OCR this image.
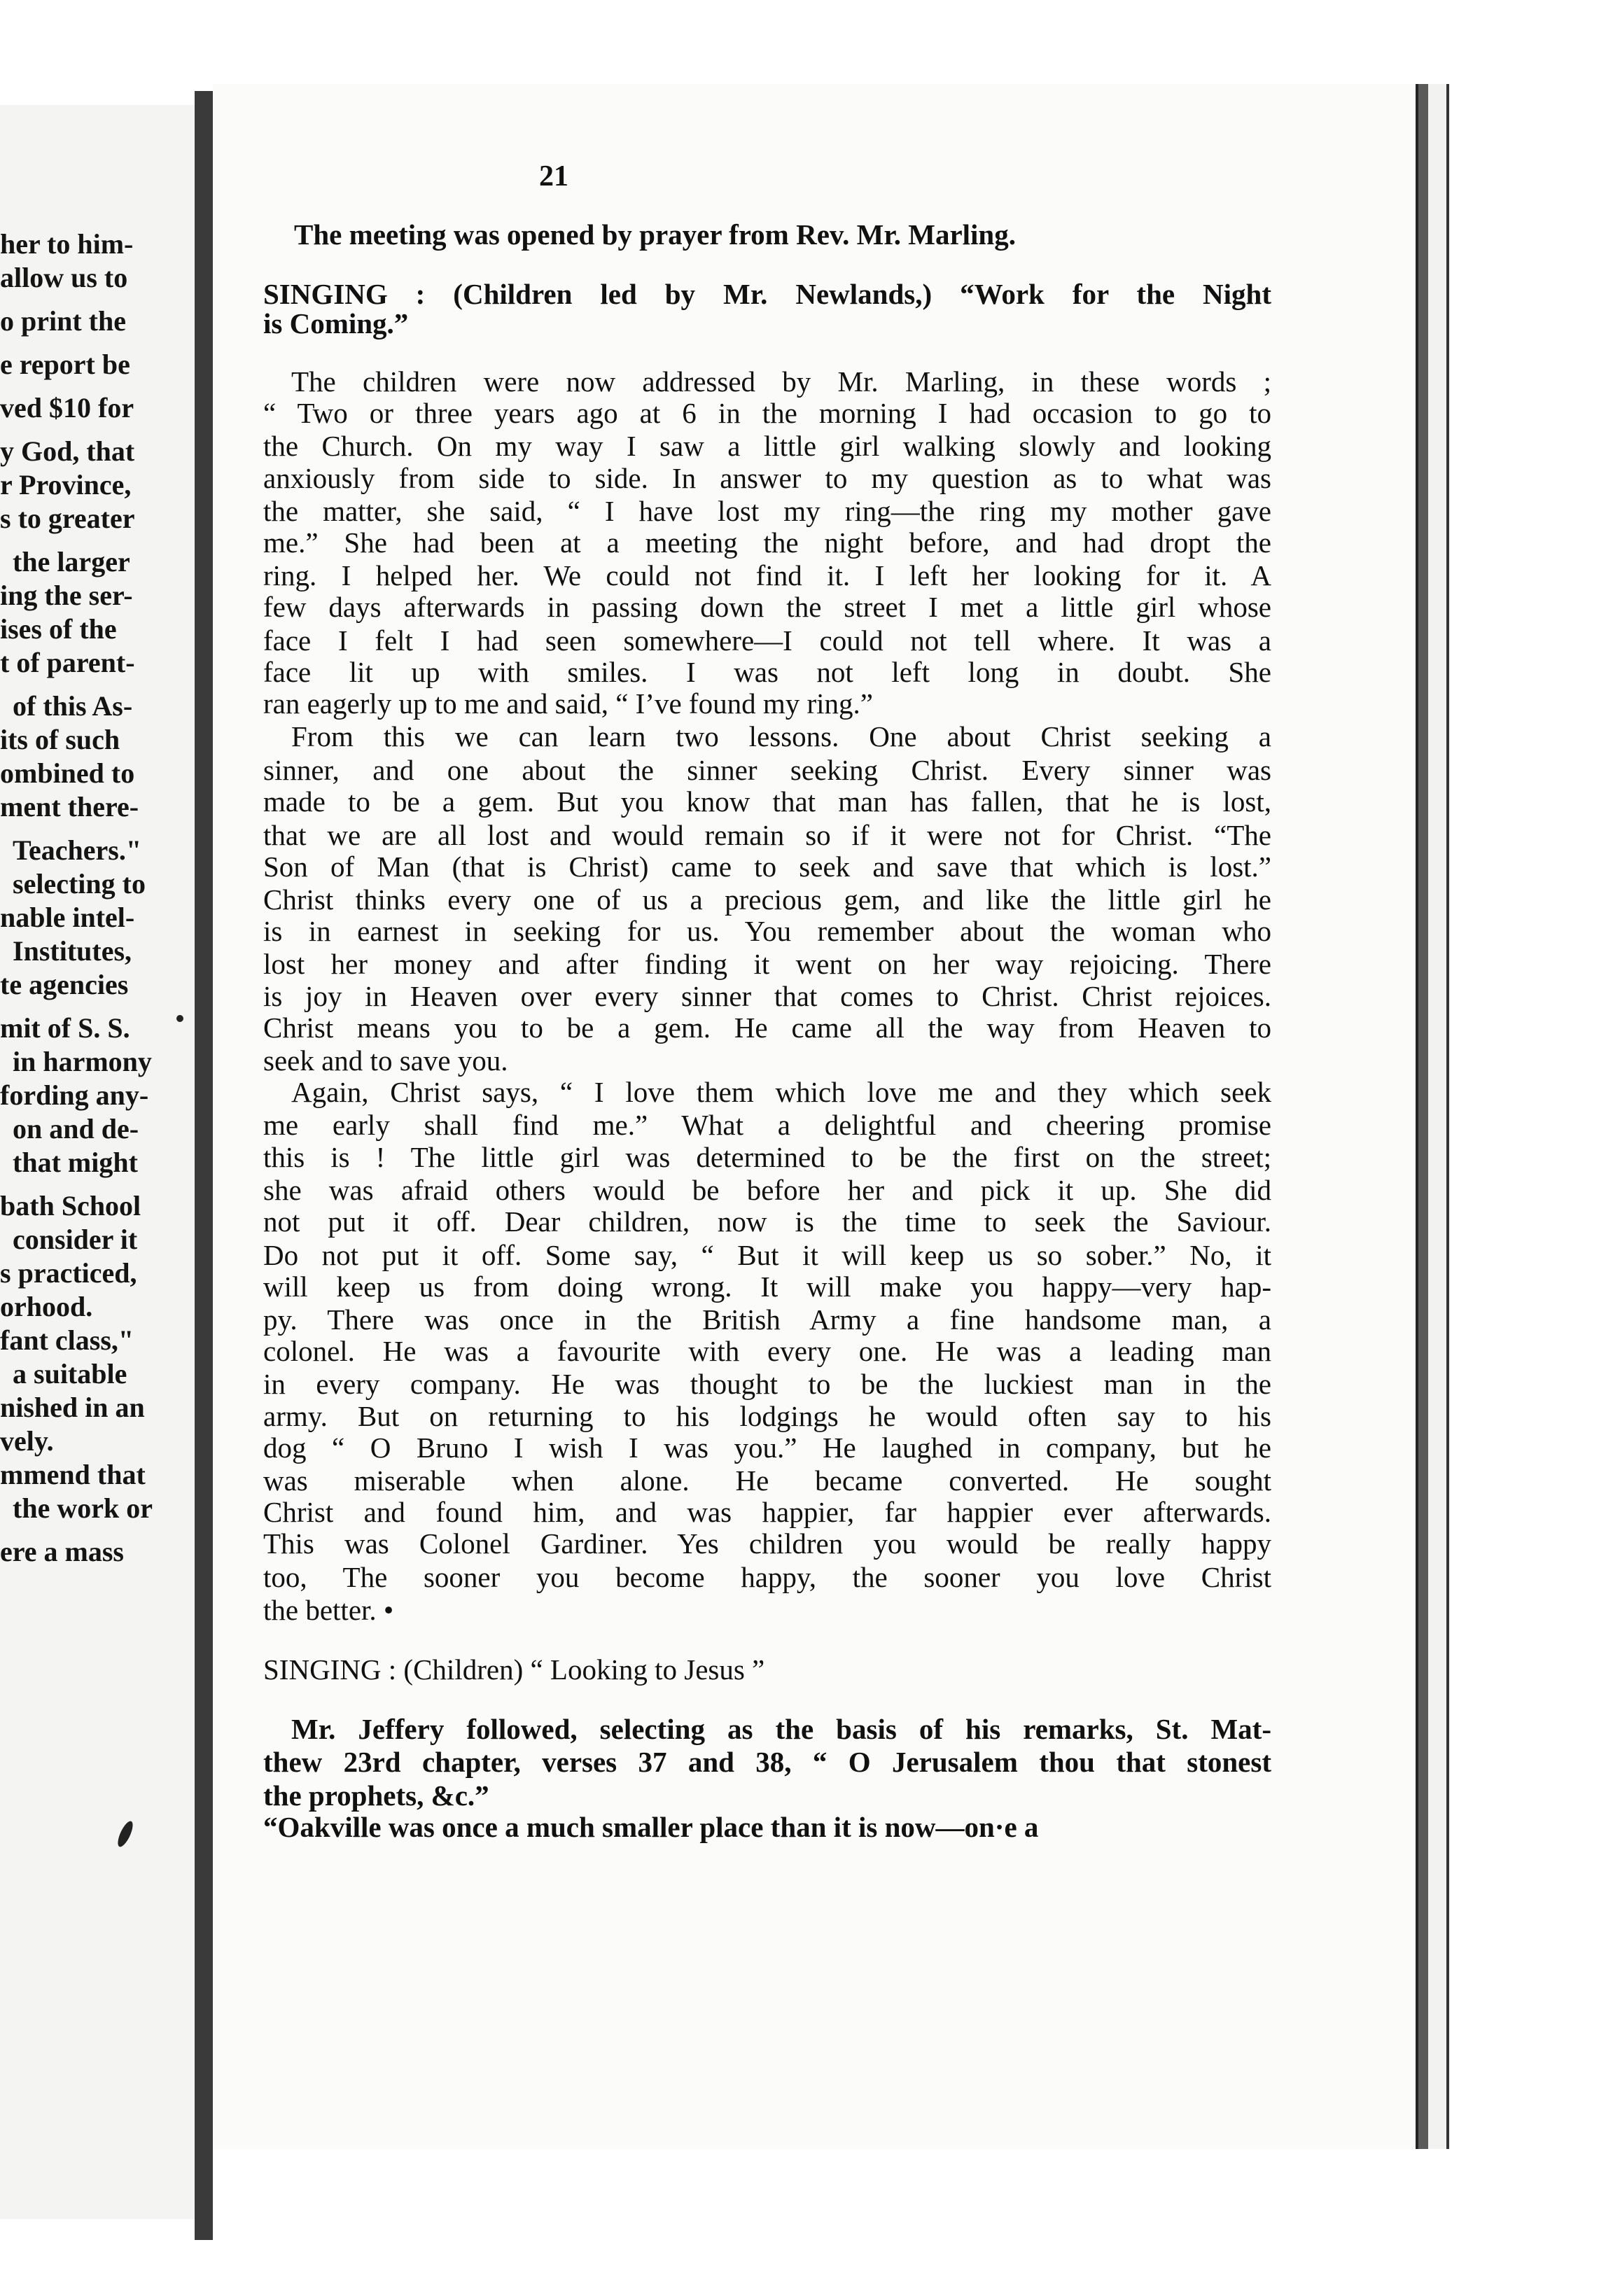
her to him-
allow us to
o print the
e report be
ved $10 for
y God, that
r Province,
s to greater
the larger
ing the ser-
ises of the
t of parent-
of this As-
its of such
ombined to
ment there-
Teachers."
selecting to
nable intel-
Institutes,
te agencies
mit of S. S.
in harmony
fording any-
on and de-
that might
bath School
consider it
s practiced,
orhood.
fant class,"
a suitable
nished in an
vely.
mmend that
the work or
ere a mass
21
The meeting was opened by prayer from Rev. Mr. Marling.
SINGING : (Children led by Mr. Newlands,) “Work for the Night
is Coming.”
The children were now addressed by Mr. Marling, in these words ;
“ Two or three years ago at 6 in the morning I had occasion to go to
the Church. On my way I saw a little girl walking slowly and looking
anxiously from side to side. In answer to my question as to what was
the matter, she said, “ I have lost my ring—the ring my mother gave
me.” She had been at a meeting the night before, and had dropt the
ring. I helped her. We could not find it. I left her looking for it. A
few days afterwards in passing down the street I met a little girl whose
face I felt I had seen somewhere—I could not tell where. It was a
face lit up with smiles. I was not left long in doubt. She
ran eagerly up to me and said, “ I’ve found my ring.”
From this we can learn two lessons. One about Christ seeking a
sinner, and one about the sinner seeking Christ. Every sinner was
made to be a gem. But you know that man has fallen, that he is lost,
that we are all lost and would remain so if it were not for Christ. “The
Son of Man (that is Christ) came to seek and save that which is lost.”
Christ thinks every one of us a precious gem, and like the little girl he
is in earnest in seeking for us. You remember about the woman who
lost her money and after finding it went on her way rejoicing. There
is joy in Heaven over every sinner that comes to Christ. Christ rejoices.
Christ means you to be a gem. He came all the way from Heaven to
seek and to save you.
Again, Christ says, “ I love them which love me and they which seek
me early shall find me.” What a delightful and cheering promise
this is ! The little girl was determined to be the first on the street;
she was afraid others would be before her and pick it up. She did
not put it off. Dear children, now is the time to seek the Saviour.
Do not put it off. Some say, “ But it will keep us so sober.” No, it
will keep us from doing wrong. It will make you happy—very hap-
py. There was once in the British Army a fine handsome man, a
colonel. He was a favourite with every one. He was a leading man
in every company. He was thought to be the luckiest man in the
army. But on returning to his lodgings he would often say to his
dog “ O Bruno I wish I was you.” He laughed in company, but he
was miserable when alone. He became converted. He sought
Christ and found him, and was happier, far happier ever afterwards.
This was Colonel Gardiner. Yes children you would be really happy
too, The sooner you become happy, the sooner you love Christ
the better. •
SINGING : (Children) “ Looking to Jesus ”
Mr. Jeffery followed, selecting as the basis of his remarks, St. Mat-
thew 23rd chapter, verses 37 and 38, “ O Jerusalem thou that stonest
the prophets, &c.”
“Oakville was once a much smaller place than it is now—on·e a
